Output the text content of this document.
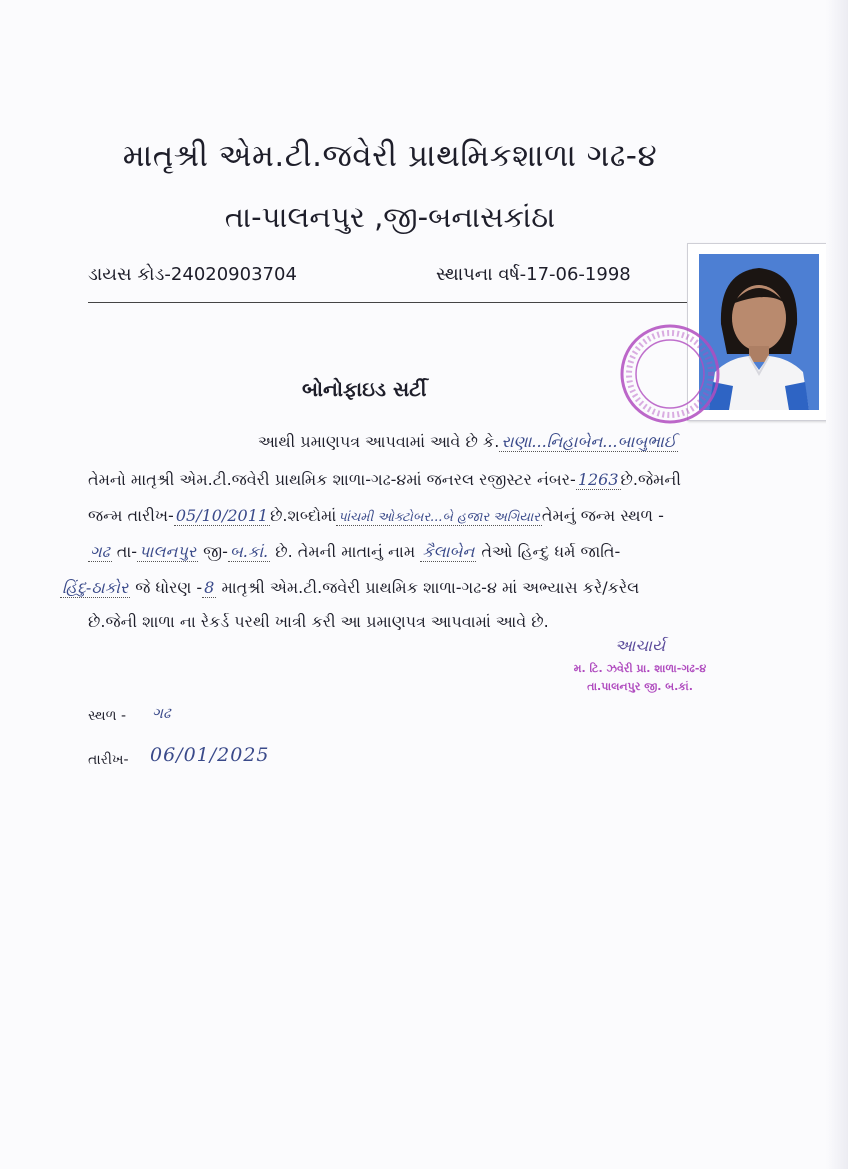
માતૃશ્રી એમ.ટી.જવેરી પ્રાથમિકશાળા ગઢ-૪
તા-પાલનપુર ,જી-બનાસકાંઠા
ડાયસ કોડ-24020903704	સ્થાપના વર્ષ-17-06-1998
બોનોફાઇડ સર્ટી
આથી પ્રમાણપત્ર આપવામાં આવે છે કે. રાણા...નિહાબેન...બાબુભાઈ
તેમનો માતૃશ્રી એમ.ટી.જવેરી પ્રાથમિક શાળા-ગઢ-૪માં જનરલ રજીસ્ટર નંબર- 1263 છે.જેમની
જન્મ તારીખ- 05/10/2011 છે.શબ્દોમાં પાંચમી ઓક્ટોબર...બે હજાર અગિયાર તેમનું જન્મ સ્થળ -
ગઢ તા- પાલનપુર જી- બ.કાં. છે. તેમની માતાનું નામ કૈલાબેન તેઓ હિન્દુ ધર્મ જાતિ-
હિંદુ-ઠાકોર જે ધોરણ - 8 માતૃશ્રી એમ.ટી.જવેરી પ્રાથમિક શાળા-ગઢ-૪ માં અભ્યાસ કરે/કરેલ
છે.જેની શાળા ના રેકર્ડ પરથી ખાત્રી કરી આ પ્રમાણપત્ર આપવામાં આવે છે.
આચાર્ય
મ. ટિ. ઝવેરી પ્રા. શાળા-ગઢ-૪
તા.પાલનપુર જી. બ.કાં.
સ્થળ - ગઢ
તારીખ- 06/01/2025
